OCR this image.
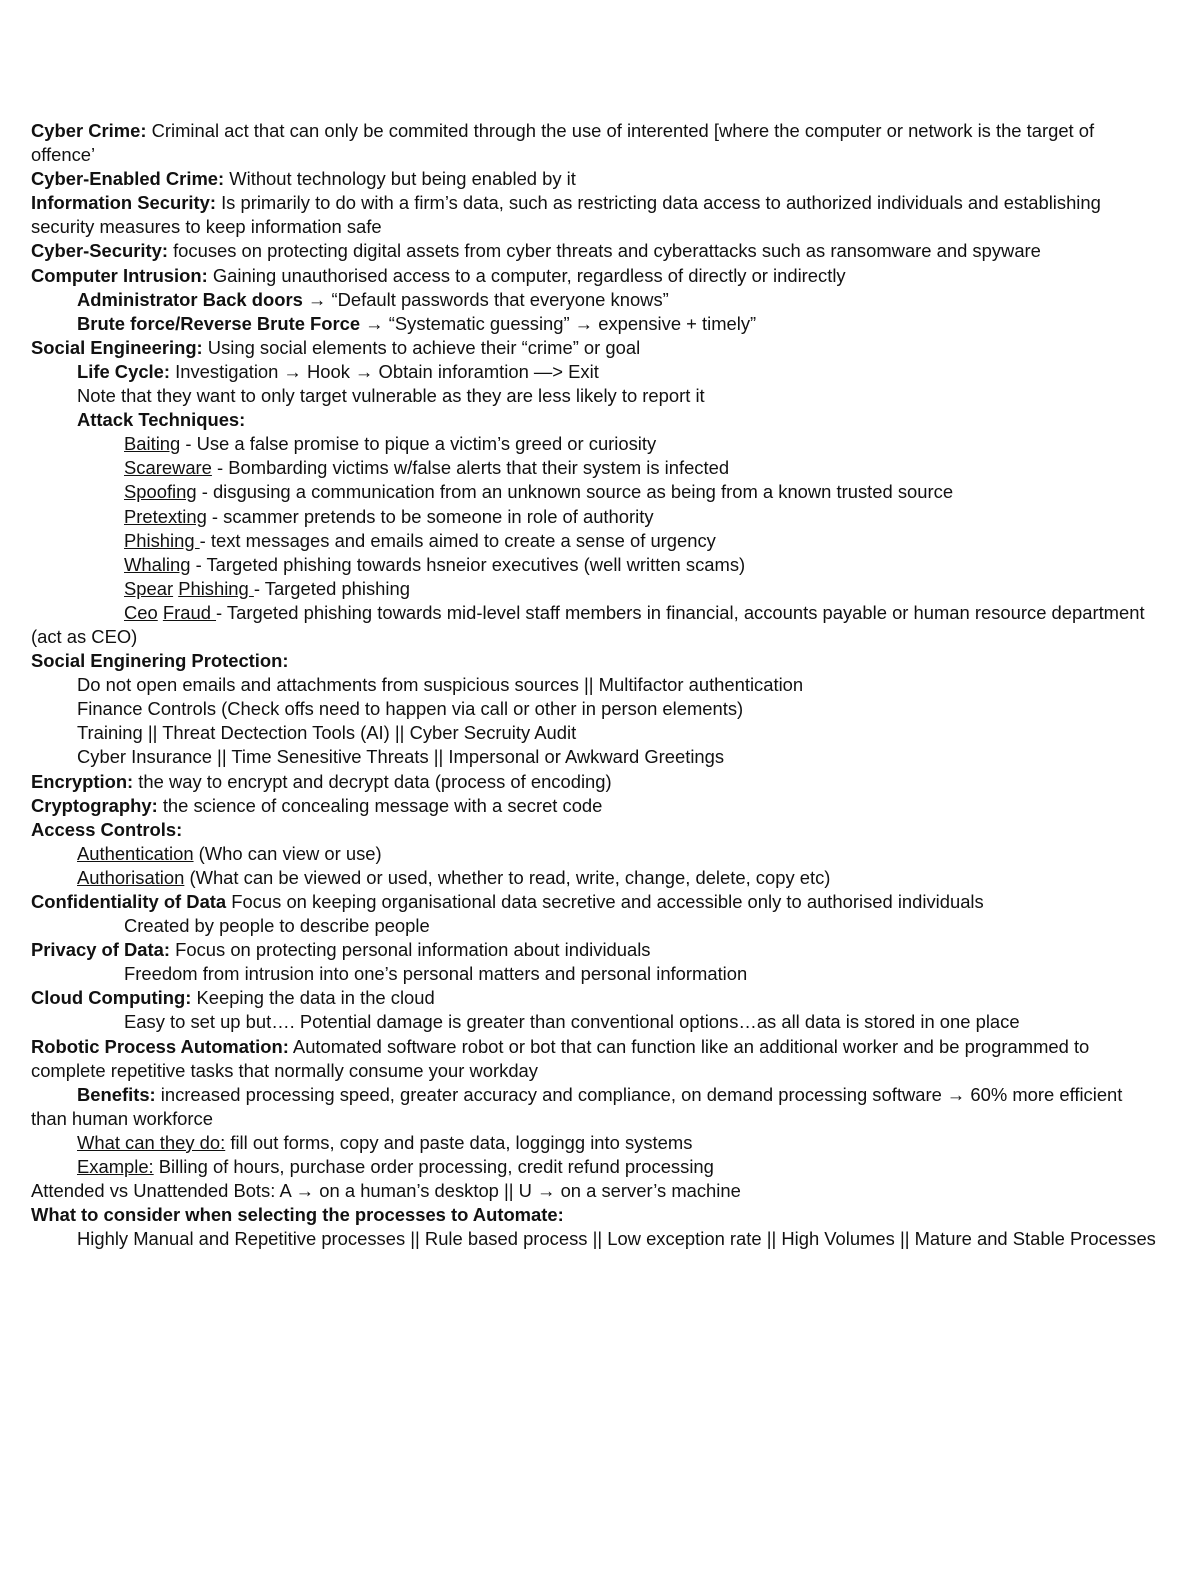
Cyber Crime: Criminal act that can only be commited through the use of interented [where the computer or network is the target of offence’
Cyber-Enabled Crime: Without technology but being enabled by it
Information Security: Is primarily to do with a firm’s data, such as restricting data access to authorized individuals and establishing security measures to keep information safe
Cyber-Security: focuses on protecting digital assets from cyber threats and cyberattacks such as ransomware and spyware
Computer Intrusion: Gaining unauthorised access to a computer, regardless of directly or indirectly
Administrator Back doors → “Default passwords that everyone knows”
Brute force/Reverse Brute Force → “Systematic guessing” → expensive + timely”
Social Engineering: Using social elements to achieve their “crime” or goal
Life Cycle: Investigation → Hook → Obtain inforamtion —> Exit
Note that they want to only target vulnerable as they are less likely to report it
Attack Techniques:
Baiting - Use a false promise to pique a victim’s greed or curiosity
Scareware - Bombarding victims w/false alerts that their system is infected
Spoofing - disgusing a communication from an unknown source as being from a known trusted source
Pretexting - scammer pretends to be someone in role of authority
Phishing - text messages and emails aimed to create a sense of urgency
Whaling - Targeted phishing towards hsneior executives (well written scams)
Spear Phishing - Targeted phishing
Ceo Fraud - Targeted phishing towards mid-level staff members in financial, accounts payable or human resource department (act as CEO)
Social Enginering Protection:
Do not open emails and attachments from suspicious sources || Multifactor authentication
Finance Controls (Check offs need to happen via call or other in person elements)
Training || Threat Dectection Tools (AI) || Cyber Secruity Audit
Cyber Insurance || Time Senesitive Threats || Impersonal or Awkward Greetings
Encryption: the way to encrypt and decrypt data (process of encoding)
Cryptography: the science of concealing message with a secret code
Access Controls:
Authentication (Who can view or use)
Authorisation (What can be viewed or used, whether to read, write, change, delete, copy etc)
Confidentiality of Data Focus on keeping organisational data secretive and accessible only to authorised individuals
Created by people to describe people
Privacy of Data: Focus on protecting personal information about individuals
Freedom from intrusion into one’s personal matters and personal information
Cloud Computing: Keeping the data in the cloud
Easy to set up but…. Potential damage is greater than conventional options…as all data is stored in one place
Robotic Process Automation: Automated software robot or bot that can function like an additional worker and be programmed to complete repetitive tasks that normally consume your workday
Benefits: increased processing speed, greater accuracy and compliance, on demand processing software → 60% more efficient than human workforce
What can they do: fill out forms, copy and paste data, loggingg into systems
Example: Billing of hours, purchase order processing, credit refund processing
Attended vs Unattended Bots: A → on a human’s desktop || U → on a server’s machine
What to consider when selecting the processes to Automate:
Highly Manual and Repetitive processes || Rule based process || Low exception rate || High Volumes || Mature and Stable Processes
